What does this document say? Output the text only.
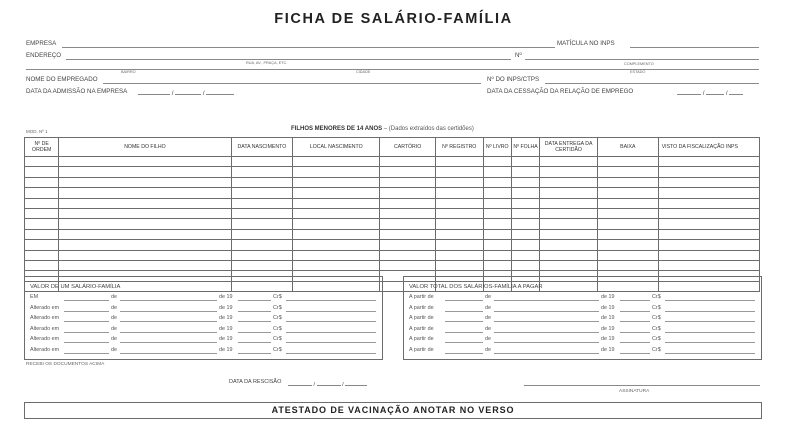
FICHA DE SALÁRIO-FAMÍLIA
EMPRESA	MATÍCULA NO INPS
ENDEREÇO	Nº
RUA, AV., PRAÇA, ETC.	COMPLEMENTO
BAIRRO	CIDADE	ESTADO
NOME DO EMPREGADO	Nº DO INPS/CTPS
DATA DA ADMISSÃO NA EMPRESA	/	/	DATA DA CESSAÇÃO DA RELAÇÃO DE EMPREGO	/	/
MOD. Nº 1	FILHOS MENORES DE 14 ANOS – (Dados extraídos das certidões)
Nº DE ORDEM	NOME DO FILHO	DATA NASCIMENTO	LOCAL NASCIMENTO	CARTÓRIO	Nº REGISTRO	Nº LIVRO	Nº FOLHA	DATA ENTREGA DA CERTIDÃO	BAIXA	VISTO DA FISCALIZAÇÃO INPS

VALOR DE UM SALÁRIO-FAMÍLIA
EM	de	de 19	Cr$
Alterado em	de	de 19	Cr$
Alterado em	de	de 19	Cr$
Alterado em	de	de 19	Cr$
Alterado em	de	de 19	Cr$
Alterado em	de	de 19	Cr$
VALOR TOTAL DOS SALÁRIOS-FAMÍLIA A PAGAR
A partir de	de	de 19	Cr$
A partir de	de	de 19	Cr$
A partir de	de	de 19	Cr$
A partir de	de	de 19	Cr$
A partir de	de	de 19	Cr$
A partir de	de	de 19	Cr$
RECEBI OS DOCUMENTOS ACIMA
DATA DA RESCISÃO	/	/
ASSINATURA
ATESTADO DE VACINAÇÃO ANOTAR NO VERSO
